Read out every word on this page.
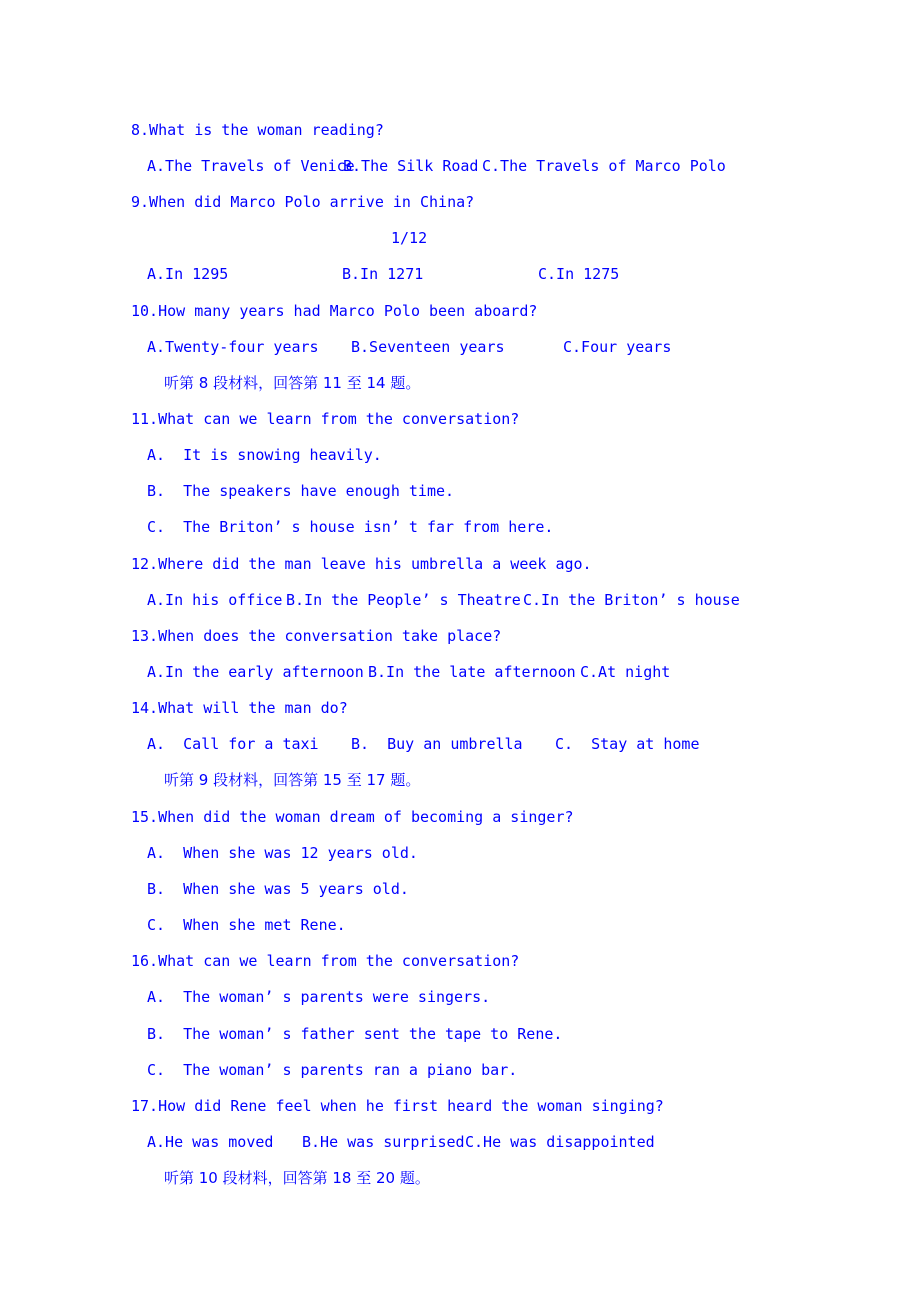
8.What is the woman reading?
A.The Travels of Venice
B.The Silk Road C.The Travels of Marco Polo
9.When did Marco Polo arrive in China?
1/12
A.In 1295	B.In 1271	C.In 1275
10.How many years had Marco Polo been aboard?
A.Twenty-four years B.Seventeen years	C.Four years
听第 8 段材料，回答第 11 至 14 题。
11.What can we learn from the conversation?
A.  It is snowing heavily.
B.  The speakers have enough time.
C.  The Briton’ s house isn’ t far from here.
12.Where did the man leave his umbrella a week ago.
A.In his office B.In the People’ s Theatre C.In the Briton’ s house
13.When does the conversation take place?
A.In the early afternoon B.In the late afternoon C.At night
14.What will the man do?
A.  Call for a taxi B.  Buy an umbrella C.  Stay at home
听第 9 段材料，回答第 15 至 17 题。
15.When did the woman dream of becoming a singer?
A.  When she was 12 years old.
B.  When she was 5 years old.
C.  When she met Rene.
16.What can we learn from the conversation?
A.  The woman’ s parents were singers.
B.  The woman’ s father sent the tape to Rene.
C.  The woman’ s parents ran a piano bar.
17.How did Rene feel when he first heard the woman singing?
A.He was moved B.He was surprised C.He was disappointed
听第 10 段材料，回答第 18 至 20 题。
